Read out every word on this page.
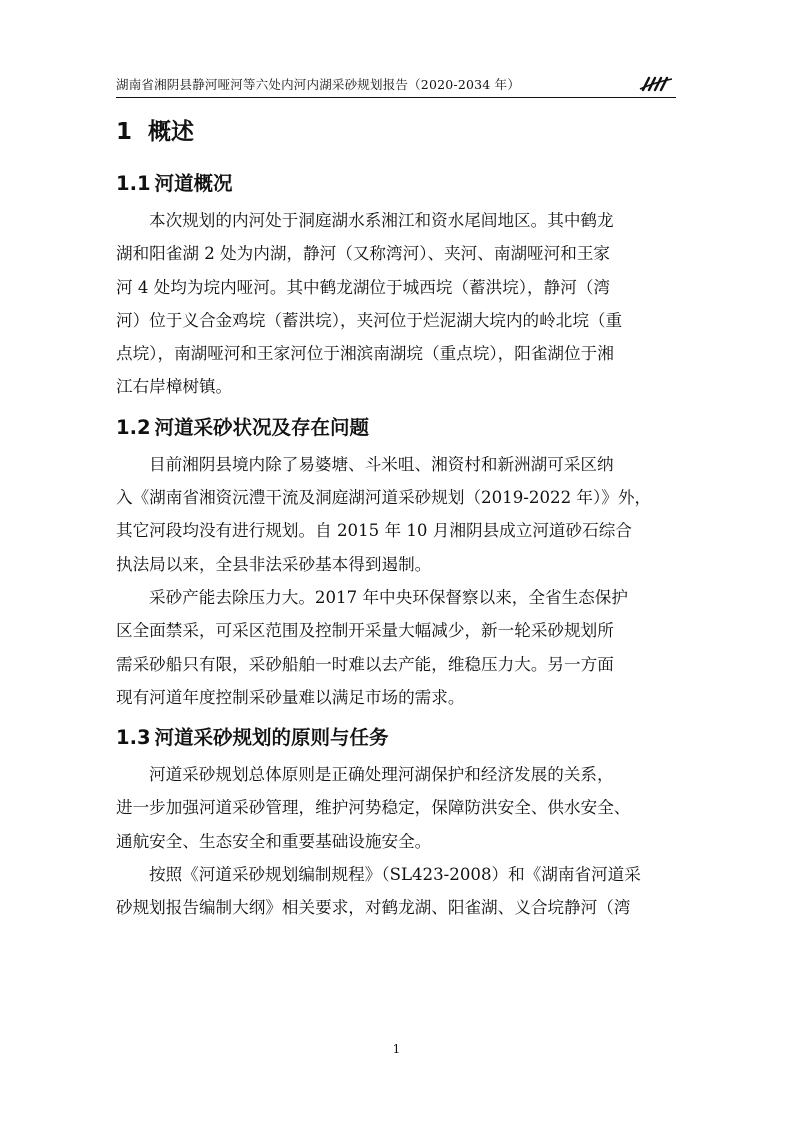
湖南省湘阴县静河哑河等六处内河内湖采砂规划报告（2020-2034 年）
1 概述
1.1 河道概况

本次规划的内河处于洞庭湖水系湘江和资水尾闾地区。其中鹤龙
湖和阳雀湖 2 处为内湖，静河（又称湾河）、夹河、南湖哑河和王家
河 4 处均为垸内哑河。其中鹤龙湖位于城西垸（蓄洪垸），静河（湾
河）位于义合金鸡垸（蓄洪垸），夹河位于烂泥湖大垸内的岭北垸（重
点垸），南湖哑河和王家河位于湘滨南湖垸（重点垸），阳雀湖位于湘
江右岸樟树镇。

1.2 河道采砂状况及存在问题

目前湘阴县境内除了易婆塘、斗米咀、湘资村和新洲湖可采区纳
入《湖南省湘资沅澧干流及洞庭湖河道采砂规划（2019-2022 年）》外，
其它河段均没有进行规划。自 2015 年 10 月湘阴县成立河道砂石综合
执法局以来，全县非法采砂基本得到遏制。

采砂产能去除压力大。2017 年中央环保督察以来，全省生态保护
区全面禁采，可采区范围及控制开采量大幅减少，新一轮采砂规划所
需采砂船只有限，采砂船舶一时难以去产能，维稳压力大。另一方面
现有河道年度控制采砂量难以满足市场的需求。

1.3 河道采砂规划的原则与任务

河道采砂规划总体原则是正确处理河湖保护和经济发展的关系，
进一步加强河道采砂管理，维护河势稳定，保障防洪安全、供水安全、
通航安全、生态安全和重要基础设施安全。

按照《河道采砂规划编制规程》（SL423-2008）和《湖南省河道采
砂规划报告编制大纲》相关要求，对鹤龙湖、阳雀湖、义合垸静河（湾

1
